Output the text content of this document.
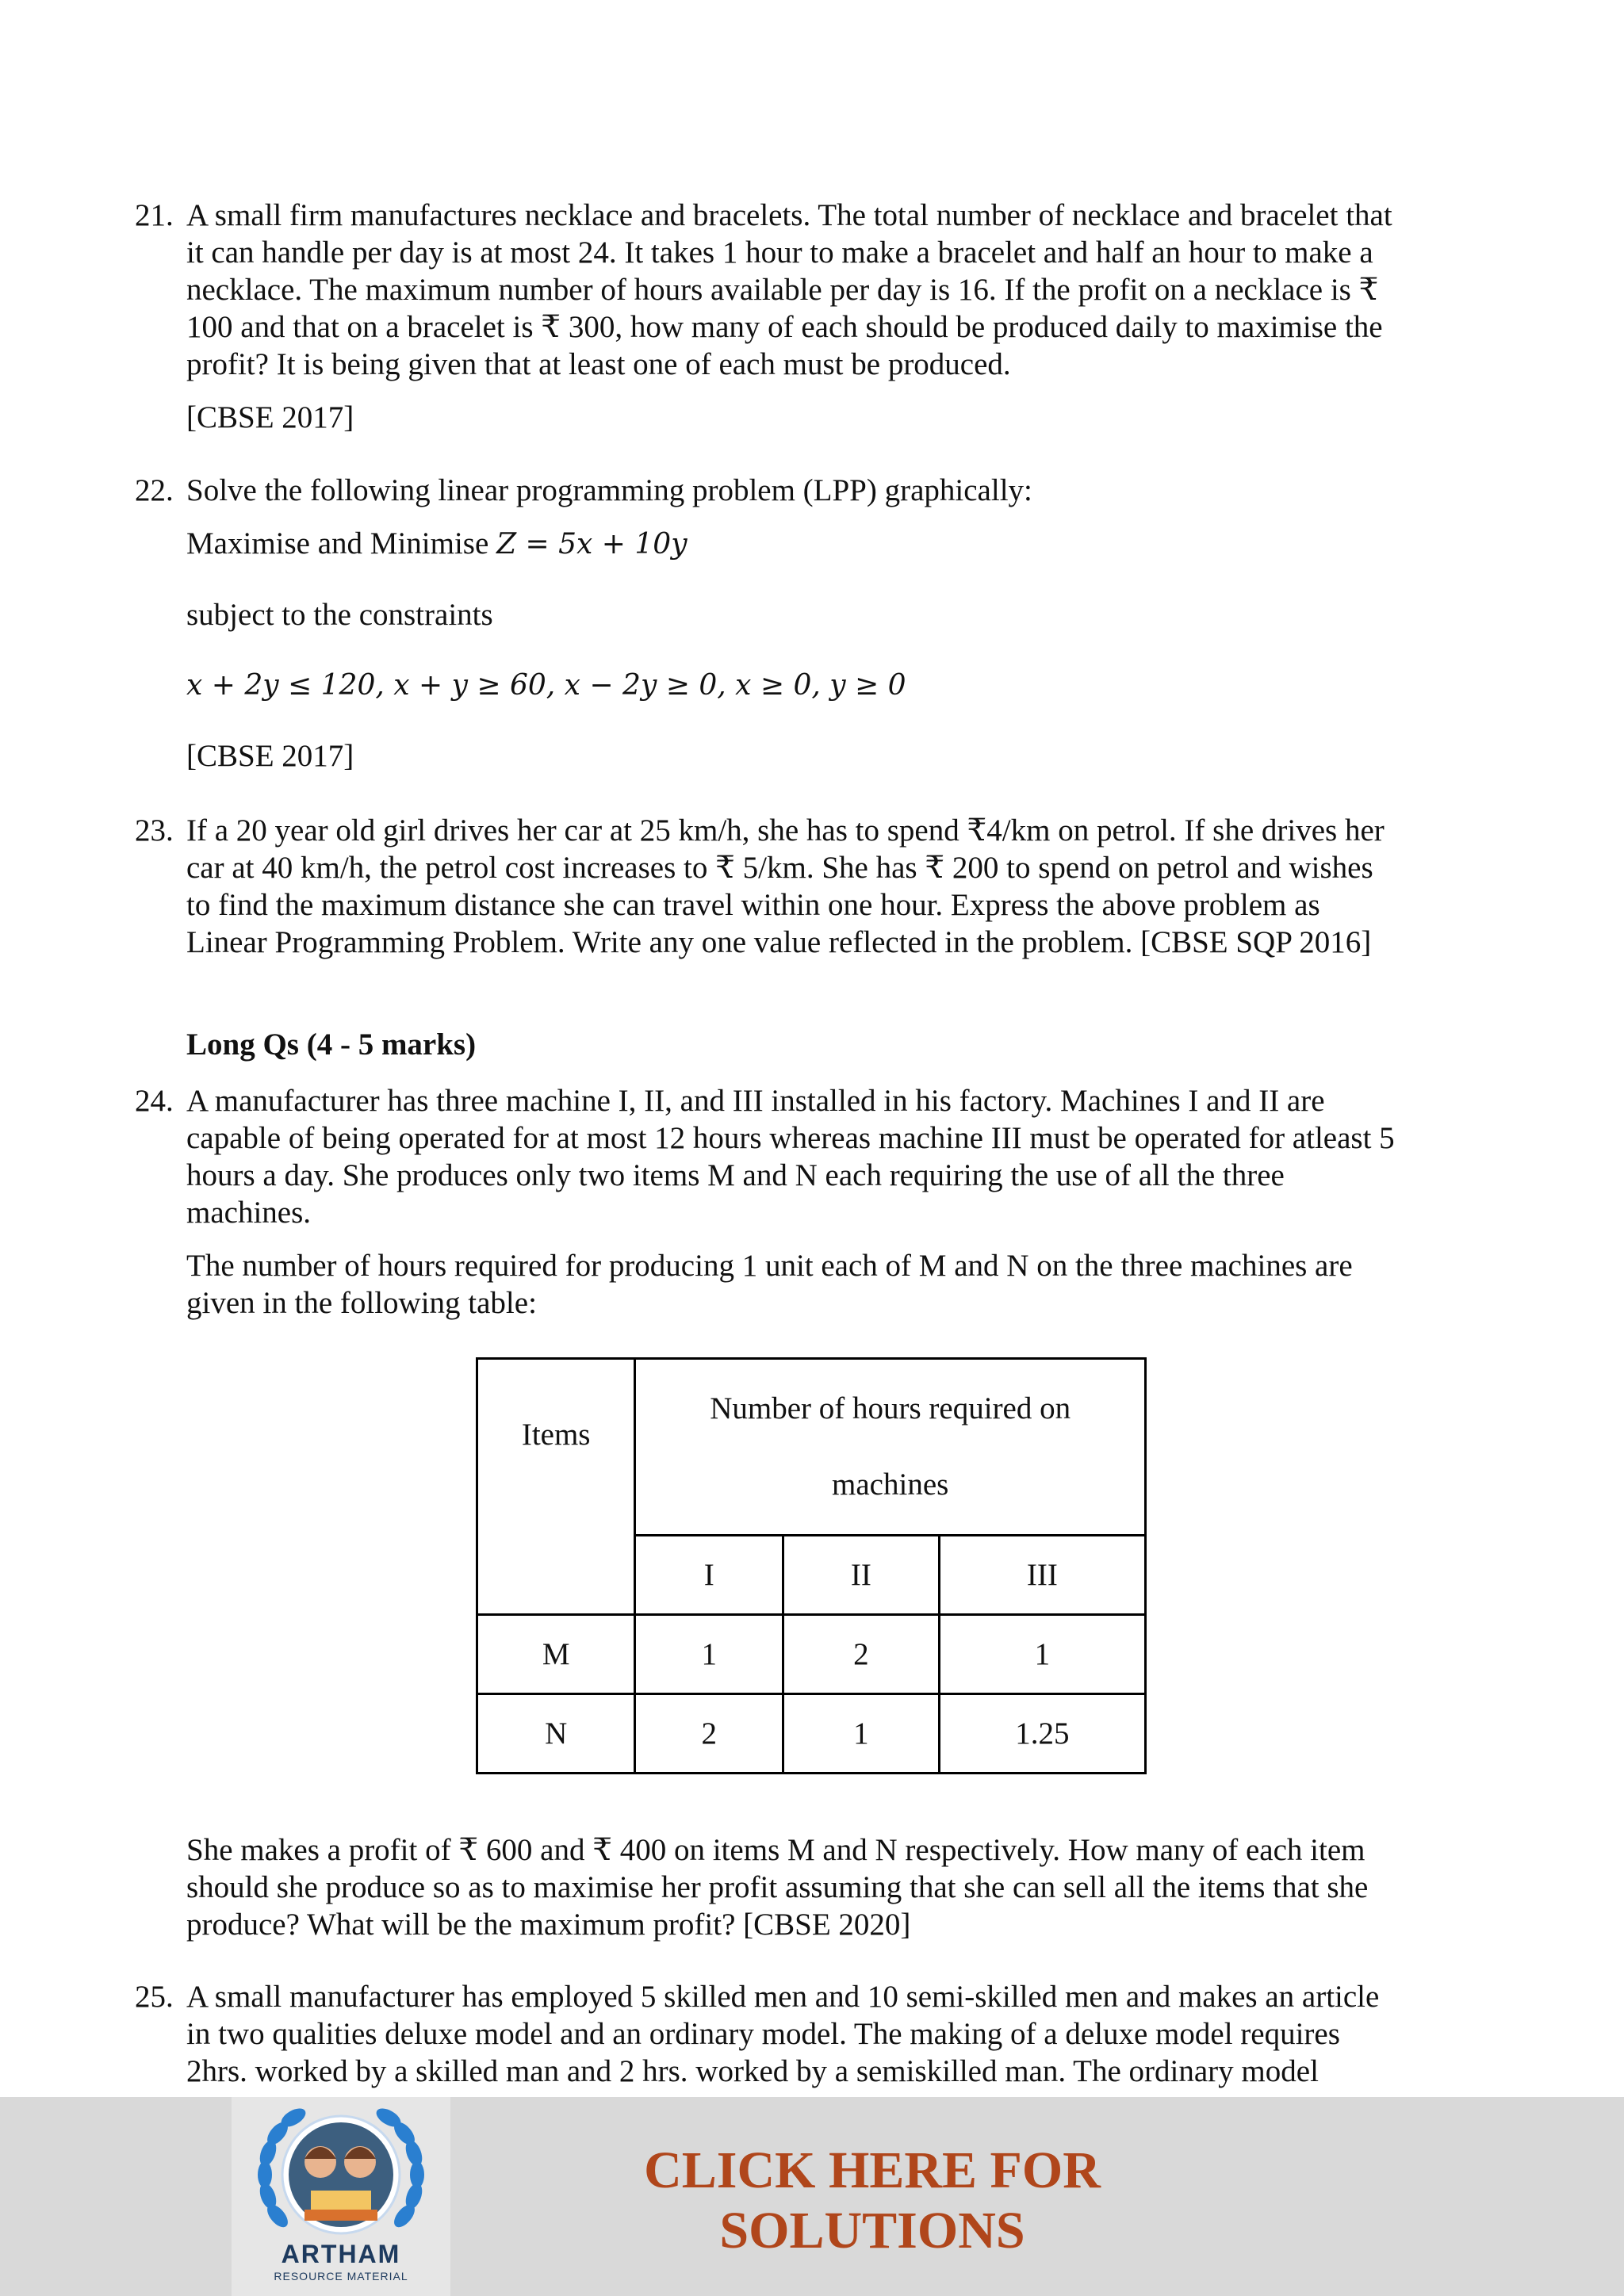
21. A small firm manufactures necklace and bracelets. The total number of necklace and bracelet that

it can handle per day is at most 24. It takes 1 hour to make a bracelet and half an hour to make a

necklace. The maximum number of hours available per day is 16. If the profit on a necklace is ₹

100 and that on a bracelet is ₹ 300, how many of each should be produced daily to maximise the

profit? It is being given that at least one of each must be produced.

[CBSE 2017]

22. Solve the following linear programming problem (LPP) graphically:

Maximise and Minimise Z = 5x + 10y

subject to the constraints

x + 2y ≤ 120, x + y ≥ 60, x − 2y ≥ 0, x ≥ 0, y ≥ 0

[CBSE 2017]

23. If a 20 year old girl drives her car at 25 km/h, she has to spend ₹4/km on petrol. If she drives her

car at 40 km/h, the petrol cost increases to ₹ 5/km. She has ₹ 200 to spend on petrol and wishes

to find the maximum distance she can travel within one hour. Express the above problem as

Linear Programming Problem. Write any one value reflected in the problem. [CBSE SQP 2016]

Long Qs (4 - 5 marks)
24. A manufacturer has three machine I, II, and III installed in his factory. Machines I and II are

capable of being operated for at most 12 hours whereas machine III must be operated for atleast 5

hours a day. She produces only two items M and N each requiring the use of all the three

machines.

The number of hours required for producing 1 unit each of M and N on the three machines are

given in the following table:

Items	Number of hours required on
machines		

	I	II	III
M	1	2	1
N	2	1	1.25

She makes a profit of ₹ 600 and ₹ 400 on items M and N respectively. How many of each item

should she produce so as to maximise her profit assuming that she can sell all the items that she

produce? What will be the maximum profit? [CBSE 2020]

25. A small manufacturer has employed 5 skilled men and 10 semi-skilled men and makes an article

in two qualities deluxe model and an ordinary model. The making of a deluxe model requires

2hrs. worked by a skilled man and 2 hrs. worked by a semiskilled man. The ordinary model

ARTHAM
RESOURCE MATERIAL
CLICK HERE FOR
SOLUTIONS
